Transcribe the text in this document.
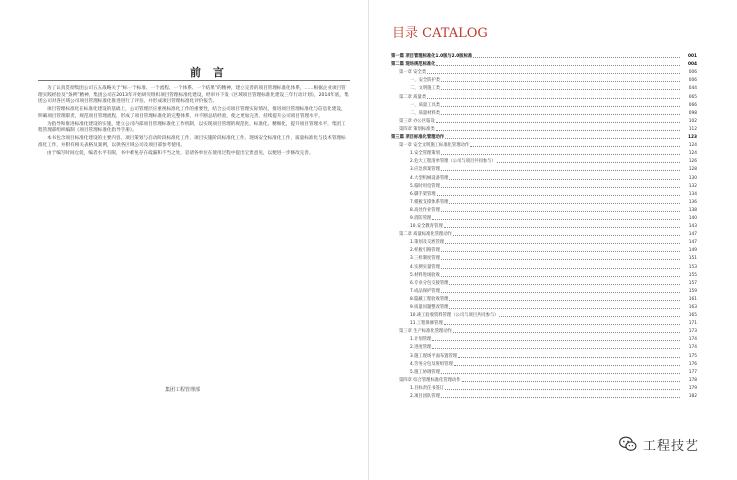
前 言

为了认真贯彻集团公司五五战略关于“标一个标准、一个流程、一个体系、一个结果”的精神，建立完善的项目管理标准化体系，……根据企业项目管理实践经验及“条例”精神，集团公司在2013年开始研究组织项目管理标准化建设，经审并下发《区域项目管理标准化建设三年行动计划》，2014年底，集团公司对各区域公司项目管理标准化推进进行了评估，并形成项目管理标准化评价报告。

项目管理标准化在标准化建设的基础上，公司管理层应重视标准化工作的重要性，结合公司项目管理实际情况，推进项目管理标准化与信息化建设，明确项目管理职责，规范项目管理流程，形成了项目管理标准化的完整体系，并不断总结经验，使之更加完善，持续提升公司项目管理水平。

为指导和推进标准化建设的实施，建立公司内部项目管理标准化工作机制，以实现项目管理的规范化、标准化、精细化，提升项目管理水平，集团工程管理部组织编制《项目管理标准化指导手册》。

本书包含项目标准化建设的主要内容，项目策划与启动阶段标准化工作，项目实施阶段标准化工作，现场安全标准化工作，质量标准化与技术管理标准化工作，并附有相关表格及案例，以供各区域公司及项目部参考使用。

由于编写时间仓促，编者水平有限，书中难免存在疏漏和不当之处，恳请各单位在使用过程中提出宝贵意见，以便进一步修改完善。

集团工程管理部
目录 CATALOG
第一篇 项目管理标准化1.0版与2.0版标准	001
第二篇 现场规范标准化	004
第一章 安全类	006
一、安全防护类	006
二、文明施工类	044
第二章 质量类	065
一、质量工具类	066
二、质量材料类	098
第三章 办公区临设	102
第四章 策划标准类	112
第三篇 项目标准化管理动作	123
第一章 安全文明施工标准化管理动作	124
1.安全管理策划	124
2.危大工程清单管理（公司与项目共同参与）	126
3.应急预案管理	128
4.大型机械设备管理	130
5.临时用电管理	132
6.脚手架管理	134
7.模板支撑体系管理	136
8.高处作业管理	138
9.消防管理	140
10.安全教育管理	143
第二章 质量标准化管理动作	147
1.策划及交底管理	147
2.样板引路管理	149
3.三检制度管理	151
4.实测实量管理	153
5.材料进场验收	155
6.专业分包交接管理	157
7.成品保护管理	159
8.隐蔽工程验收管理	161
9.质量问题整改管理	163
10.竣工验收资料管理（公司与项目共同参与）	165
11.工程保修管理	171
第三章 生产标准化管理动作	173
1.计划管理	174
2.进度管理	174
3.施工现场平面布置管理	175
4.劳务分包及班组管理	176
5.施工协调管理	177
第四章 综合管理标准化管理动作	178
1.目标责任书签订	179
2.项目团队管理	182
工程技艺
